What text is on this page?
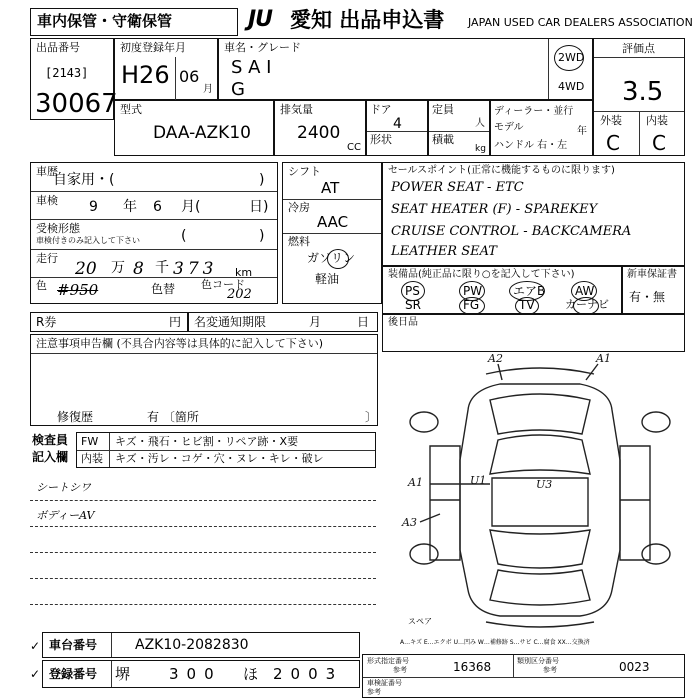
車内保管・守衛保管	JU 愛知 出品申込書 JAPAN USED CAR DEALERS ASSOCIATION
出品番号
[2143]
30067
初度登録年月
H26 06
月
車名・グレード
S A I
G
2WD
4WD
評価点
3.5
外装 内装
C C
型式
DAA-AZK10
排気量
2400
CC
ドア
4
形状
定員
人
積載
kg
ディーラー・並行
モデル	年
ハンドル 右・左
車歴
自家用・(	)
車検 9 年 6 月(	日)
受検形態
車検付きのみ記入して下さい	(	)
走行
20 万 8 千 373 km
色 #950	色替 色コード
202
シフト
AT
冷房
AAC
燃料
ガソリン
軽油
セールスポイント(正常に機能するものに限ります)
POWER SEAT - ETC
SEAT HEATER (F) - SPAREKEY
CRUISE CONTROL - BACKCAMERA
LEATHER SEAT
装備品(純正品に限り○を記入して下さい)
PS	PW	エアB AW
SR	FG	TV	カーナビ
新車保証書
有・無
R券	円 名変通知期限	月	日 後日品
注意事項申告欄 (不具合内容等は具体的に記入して下さい)
修復歴	有 〔箇所	〕
検査員
記入欄
FW キズ・飛石・ヒビ割・リペア跡・X要
内装 キズ・汚レ・コゲ・穴・ヌレ・キレ・破レ
シートシワ
ボディーAV
A2	A1
A1	U1	U3
A3
スペア
A…キズ E…エクボ U…凹み W…補修跡 S…サビ C…腐食 XX…交換済
車台番号	AZK10-2082830
登録番号 堺	300 ほ 2003
✓
✓
形式指定番号
参考	16368	類別区分番号
参考	0023
車検証番号
参考
